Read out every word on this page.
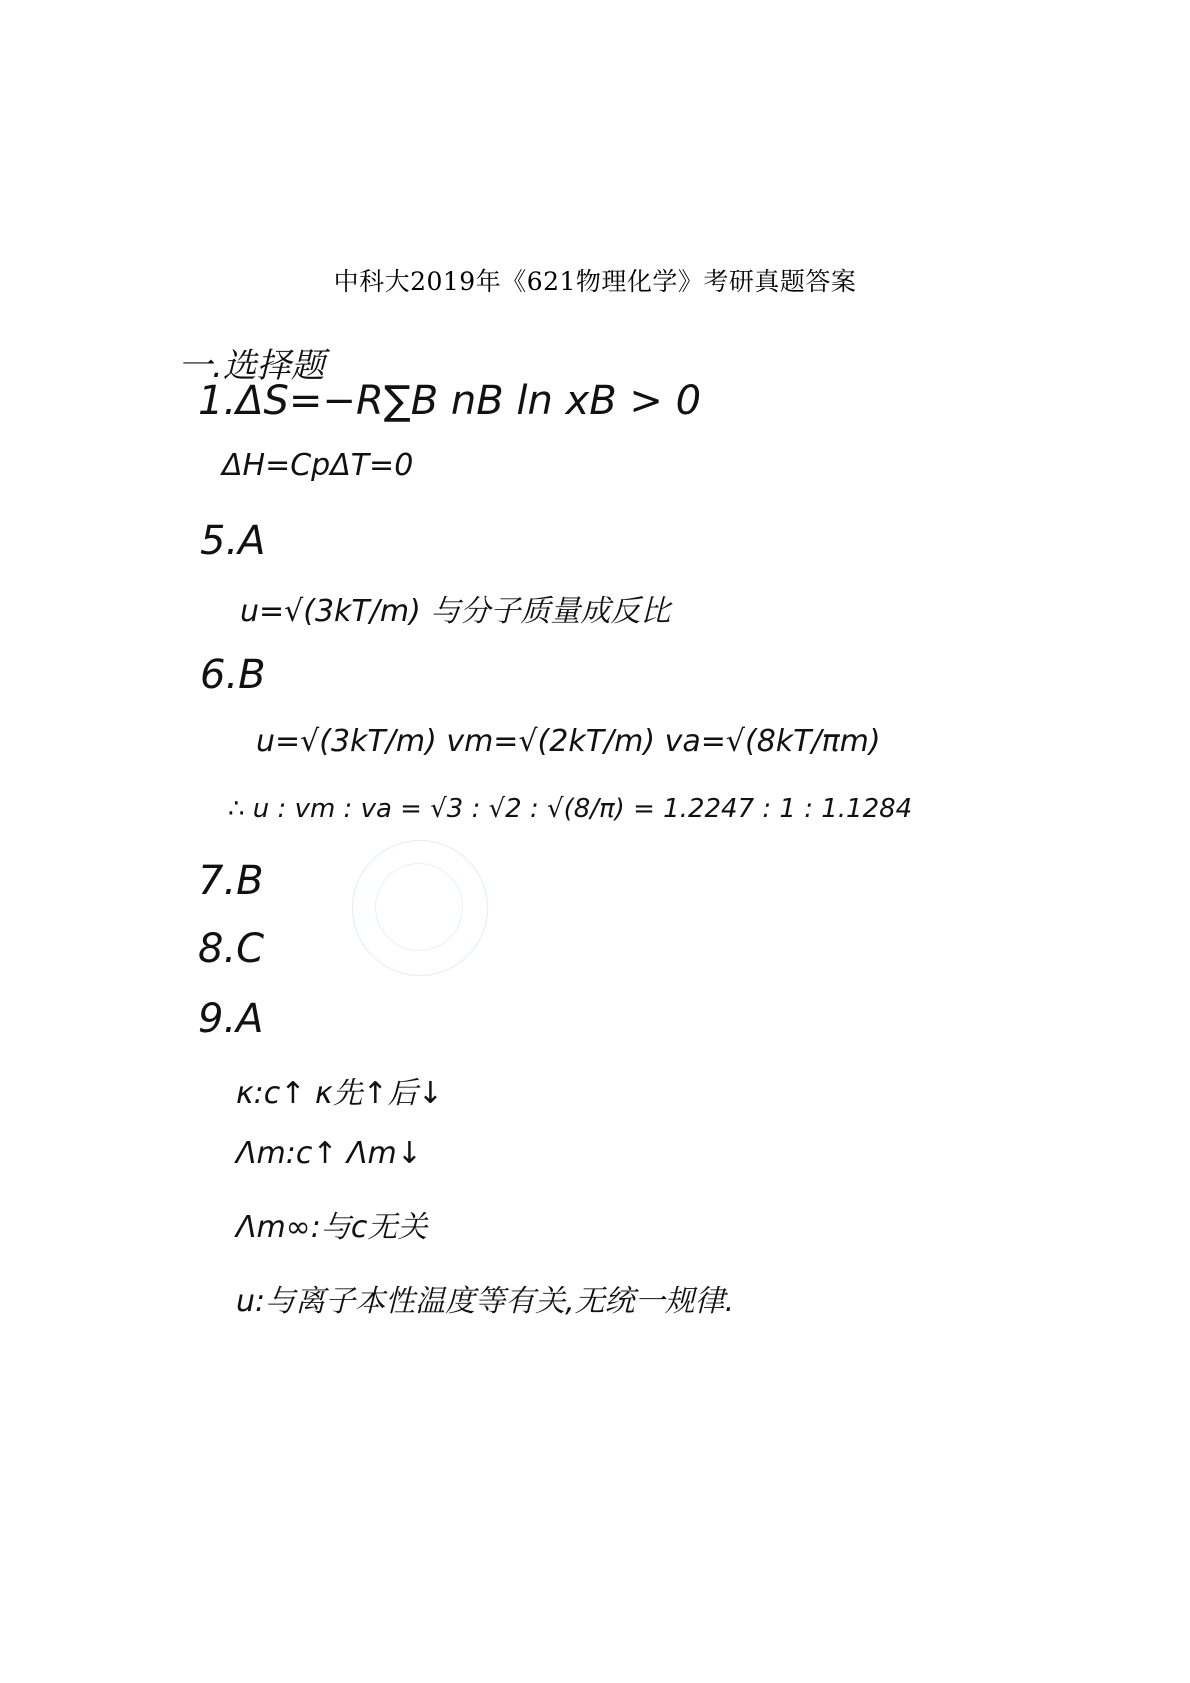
中科大2019年《621物理化学》考研真题答案
一.选择题
1.ΔS=−R∑B nB ln xB > 0
ΔH=CpΔT=0
5.A
u=√(3kT/m) 与分子质量成反比
6.B
u=√(3kT/m) vm=√(2kT/m) va=√(8kT/πm)
∴ u : vm : va = √3 : √2 : √(8/π) = 1.2247 : 1 : 1.1284
7.B
8.C
9.A
κ:c↑ κ先↑后↓
Λm:c↑ Λm↓
Λm∞:与c无关
u:与离子本性温度等有关,无统一规律.
